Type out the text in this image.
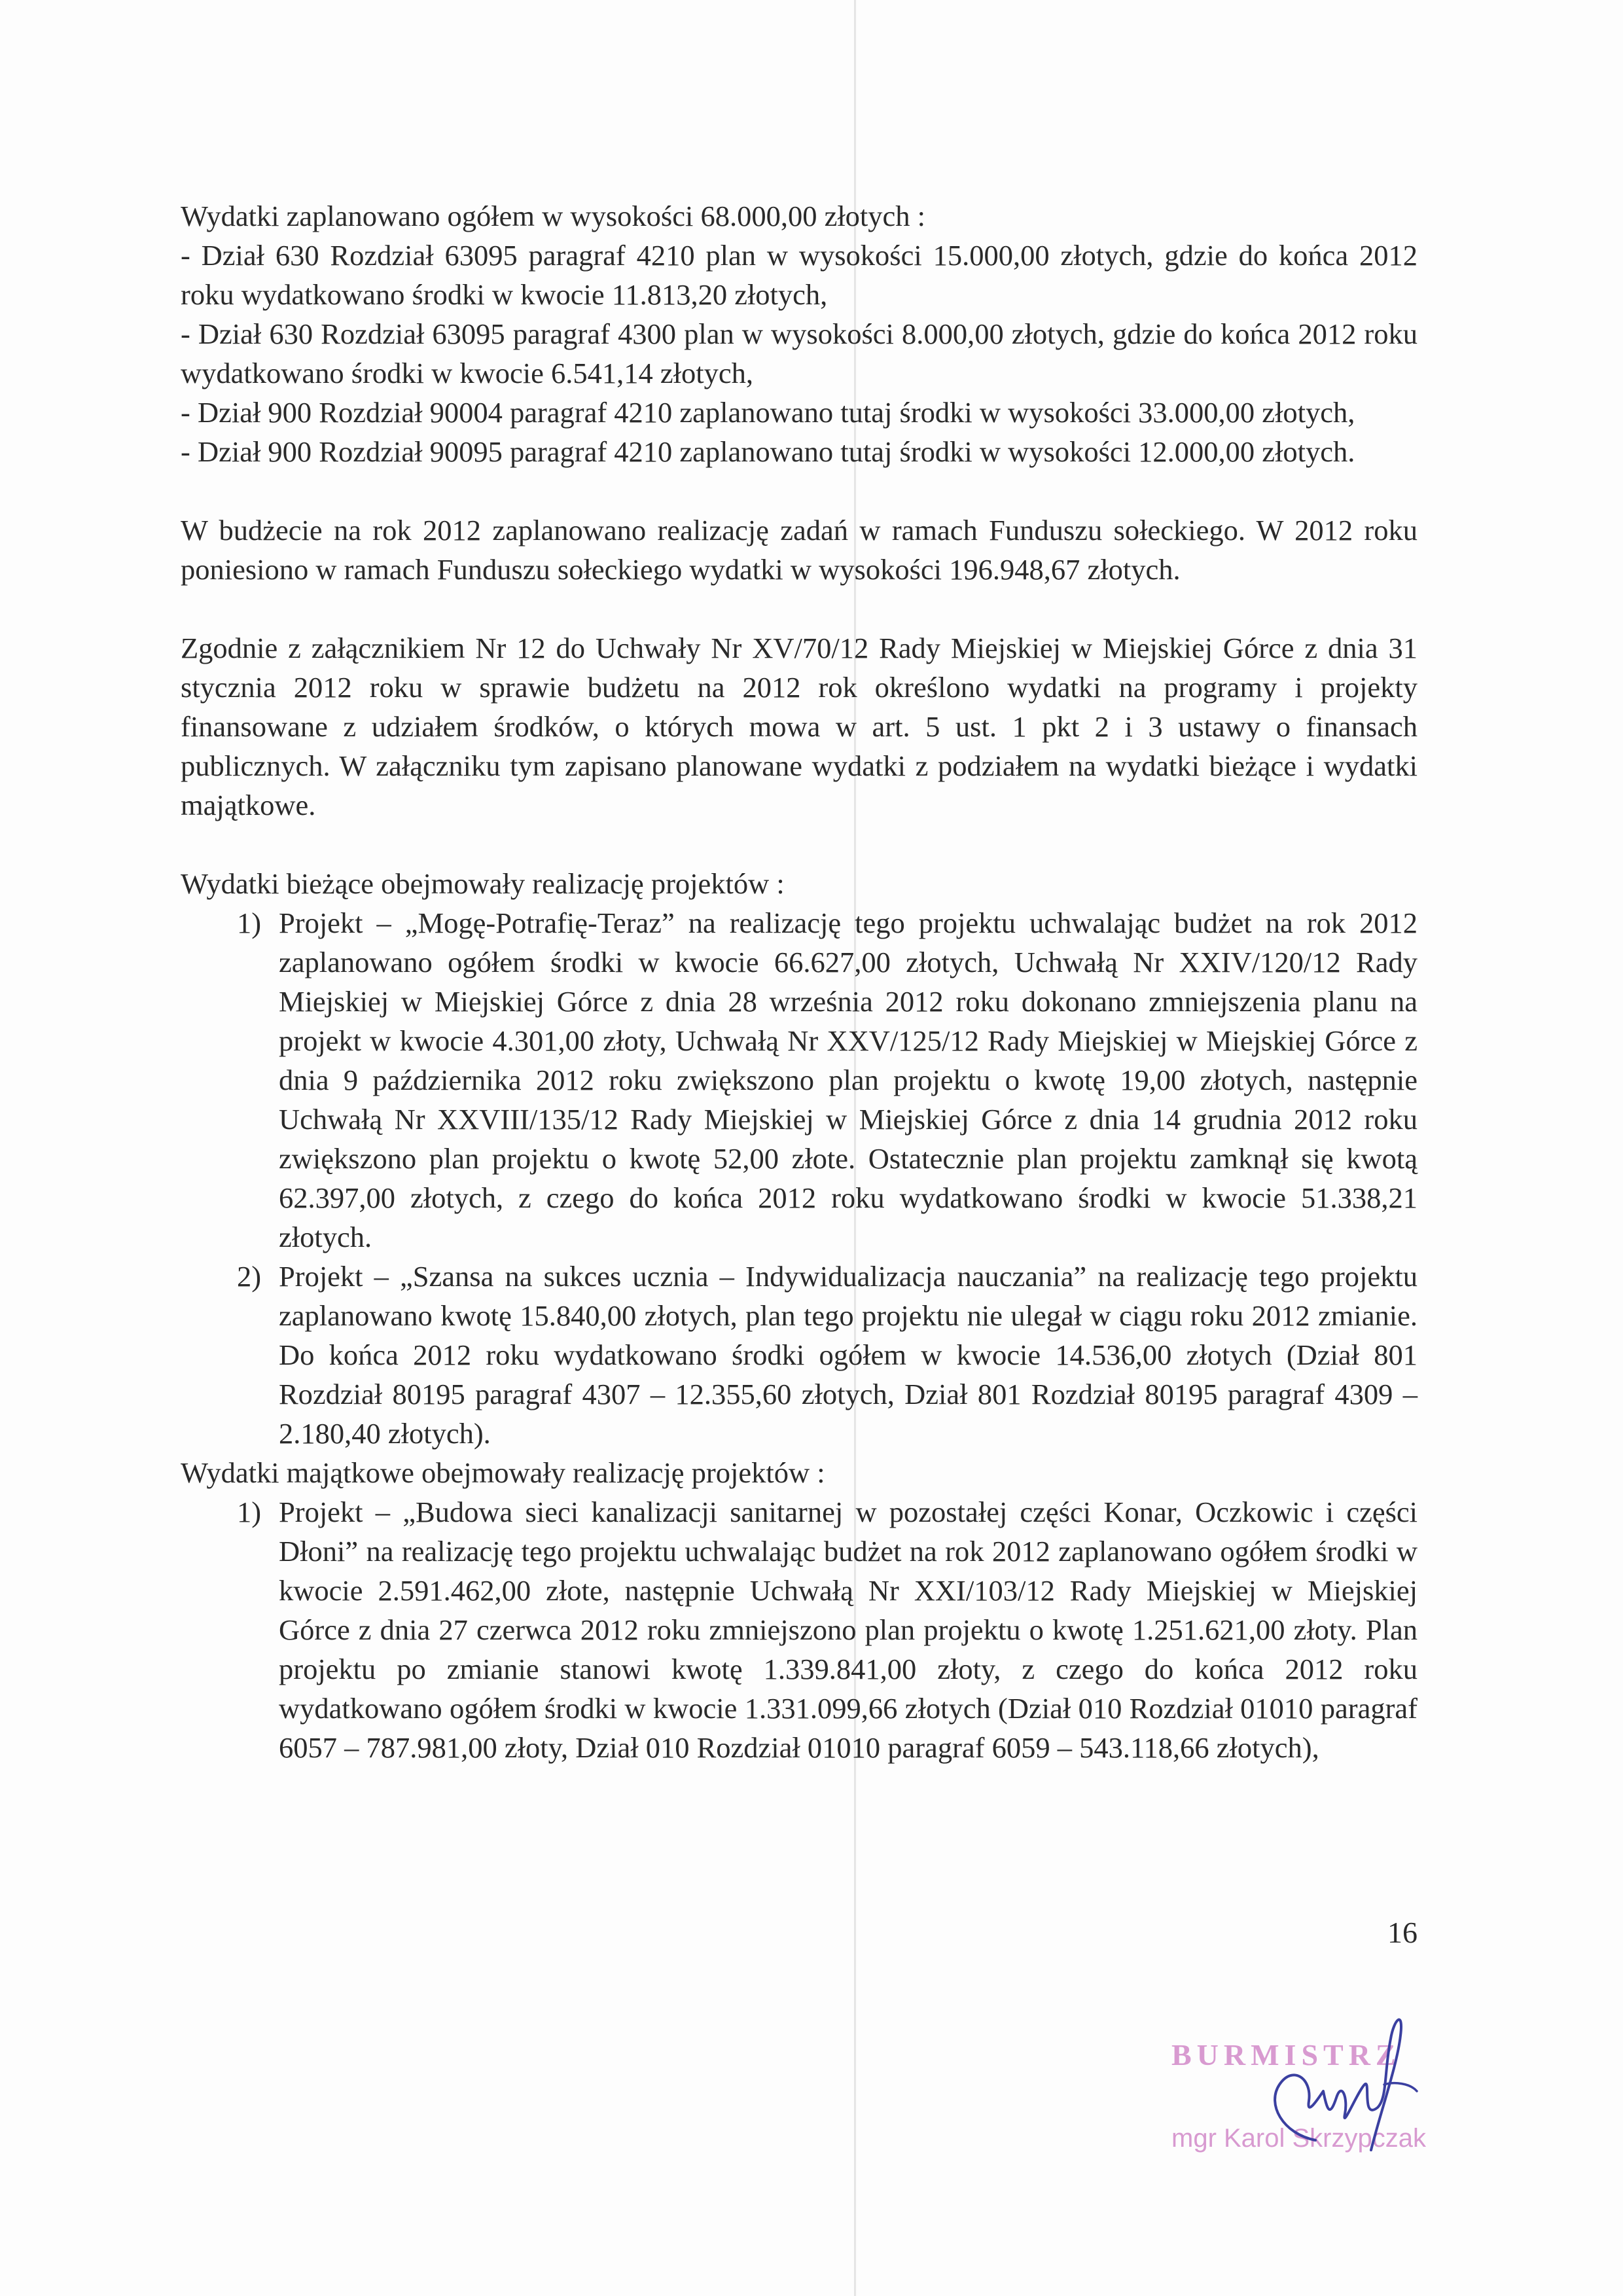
Wydatki zaplanowano ogółem w wysokości 68.000,00 złotych :

- Dział 630 Rozdział 63095 paragraf 4210 plan w wysokości 15.000,00 złotych, gdzie do końca 2012 roku wydatkowano środki w kwocie 11.813,20 złotych,

- Dział 630 Rozdział 63095 paragraf 4300 plan w wysokości 8.000,00 złotych, gdzie do końca 2012 roku wydatkowano środki w kwocie 6.541,14 złotych,

- Dział 900 Rozdział 90004 paragraf 4210 zaplanowano tutaj środki w wysokości 33.000,00 złotych,

- Dział 900 Rozdział 90095 paragraf 4210 zaplanowano tutaj środki w wysokości 12.000,00 złotych.

W budżecie na rok 2012 zaplanowano realizację zadań w ramach Funduszu sołeckiego. W 2012 roku poniesiono w ramach Funduszu sołeckiego wydatki w wysokości 196.948,67 złotych.

Zgodnie z załącznikiem Nr 12 do Uchwały Nr XV/70/12 Rady Miejskiej w Miejskiej Górce z dnia 31 stycznia 2012 roku w sprawie budżetu na 2012 rok określono wydatki na programy i projekty finansowane z udziałem środków, o których mowa w art. 5 ust. 1 pkt 2 i 3 ustawy o finansach publicznych. W załączniku tym zapisano planowane wydatki z podziałem na wydatki bieżące i wydatki majątkowe.

Wydatki bieżące obejmowały realizację projektów :

1) Projekt – „Mogę-Potrafię-Teraz” na realizację tego projektu uchwalając budżet na rok 2012 zaplanowano ogółem środki w kwocie 66.627,00 złotych, Uchwałą Nr XXIV/120/12 Rady Miejskiej w Miejskiej Górce z dnia 28 września 2012 roku dokonano zmniejszenia planu na projekt w kwocie 4.301,00 złoty, Uchwałą Nr XXV/125/12 Rady Miejskiej w Miejskiej Górce z dnia 9 października 2012 roku zwiększono plan projektu o kwotę 19,00 złotych, następnie Uchwałą Nr XXVIII/135/12 Rady Miejskiej w Miejskiej Górce z dnia 14 grudnia 2012 roku zwiększono plan projektu o kwotę 52,00 złote. Ostatecznie plan projektu zamknął się kwotą 62.397,00 złotych, z czego do końca 2012 roku wydatkowano środki w kwocie 51.338,21 złotych.
2) Projekt – „Szansa na sukces ucznia – Indywidualizacja nauczania” na realizację tego projektu zaplanowano kwotę 15.840,00 złotych, plan tego projektu nie ulegał w ciągu roku 2012 zmianie. Do końca 2012 roku wydatkowano środki ogółem w kwocie 14.536,00 złotych (Dział 801 Rozdział 80195 paragraf 4307 – 12.355,60 złotych, Dział 801 Rozdział 80195 paragraf 4309 – 2.180,40 złotych).

Wydatki majątkowe obejmowały realizację projektów :

1) Projekt – „Budowa sieci kanalizacji sanitarnej w pozostałej części Konar, Oczkowic i części Dłoni” na realizację tego projektu uchwalając budżet na rok 2012 zaplanowano ogółem środki w kwocie 2.591.462,00 złote, następnie Uchwałą Nr XXI/103/12 Rady Miejskiej w Miejskiej Górce z dnia 27 czerwca 2012 roku zmniejszono plan projektu o kwotę 1.251.621,00 złoty. Plan projektu po zmianie stanowi kwotę 1.339.841,00 złoty, z czego do końca 2012 roku wydatkowano ogółem środki w kwocie 1.331.099,66 złotych (Dział 010 Rozdział 01010 paragraf 6057 – 787.981,00 złoty, Dział 010 Rozdział 01010 paragraf 6059 – 543.118,66 złotych),
16
BURMISTRZ
mgr Karol Skrzypczak
